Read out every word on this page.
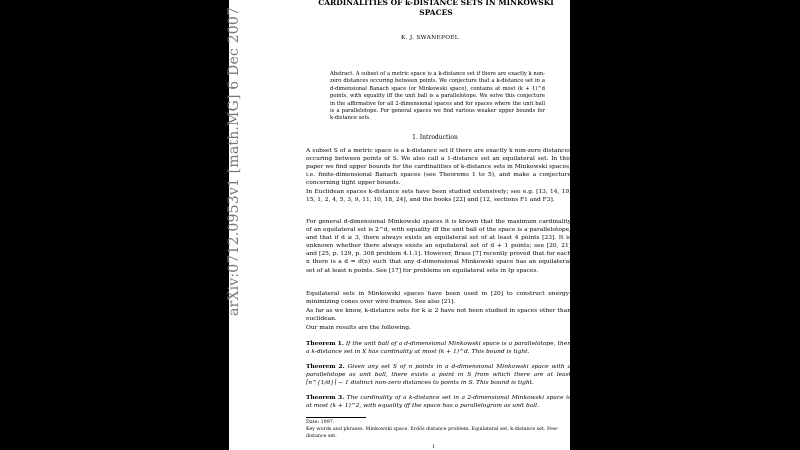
arXiv:0712.0953v1 [math.MG] 6 Dec 2007
CARDINALITIES OF k-DISTANCE SETS IN MINKOWSKI
SPACES
K. J. SWANEPOEL
Abstract. A subset of a metric space is a k-distance set if there are exactly k non-zero distances occuring between points. We conjecture that a k-distance set in a d-dimensional Banach space (or Minkowski space), contains at most (k + 1)^d points, with equality iff the unit ball is a parallelotope. We solve this conjecture in the affirmative for all 2-dimensional spaces and for spaces where the unit ball is a parallelotope. For general spaces we find various weaker upper bounds for k-distance sets.
1. Introduction
A subset S of a metric space is a k-distance set if there are exactly k non-zero distances occuring between points of S. We also call a 1-distance set an equilateral set. In this paper we find upper bounds for the cardinalities of k-distance sets in Minkowski spaces, i.e. finite-dimensional Banach spaces (see Theorems 1 to 5), and make a conjecture concerning tight upper bounds.
In Euclidean spaces k-distance sets have been studied extensively; see e.g. [13, 14, 19, 15, 1, 2, 4, 5, 3, 9, 11, 10, 18, 24], and the books [22] and [12, sections F1 and F3].
For general d-dimensional Minkowski spaces it is known that the maximum cardinality of an equilateral set is 2^d, with equality iff the unit ball of the space is a parallelotope, and that if d ≥ 3, there always exists an equilateral set of at least 4 points [23]. It is unknown whether there always exists an equilateral set of d + 1 points; see [20, 21] and [25, p. 129, p. 308 problem 4.1.1]. However, Brass [7] recently proved that for each n there is a d = d(n) such that any d-dimensional Minkowski space has an equilateral set of at least n points. See [17] for problems on equilateral sets in ℓp spaces.
Equilateral sets in Minkowski spaces have been used in [20] to construct energy-minimizing cones over wire-frames. See also [21].
As far as we know, k-distance sets for k ≥ 2 have not been studied in spaces other than euclidean.
Our main results are the following.
Theorem 1. If the unit ball of a d-dimensional Minkowski space is a parallelotope, then a k-distance set in X has cardinality at most (k + 1)^d. This bound is tight.
Theorem 2. Given any set S of n points in a d-dimensional Minkowski space with a parallelotope as unit ball, there exists a point in S from which there are at least ⌈n^{1/d}⌉ − 1 distinct non-zero distances to points in S. This bound is tight.
Theorem 3. The cardinality of a k-distance set in a 2-dimensional Minkowski space is at most (k + 1)^2, with equality iff the space has a parallelogram as unit ball.
Date: 1997.
Key words and phrases. Minkowski space. Erdős distance problem. Equilateral set. k-distance set. Few-distance set.
1
